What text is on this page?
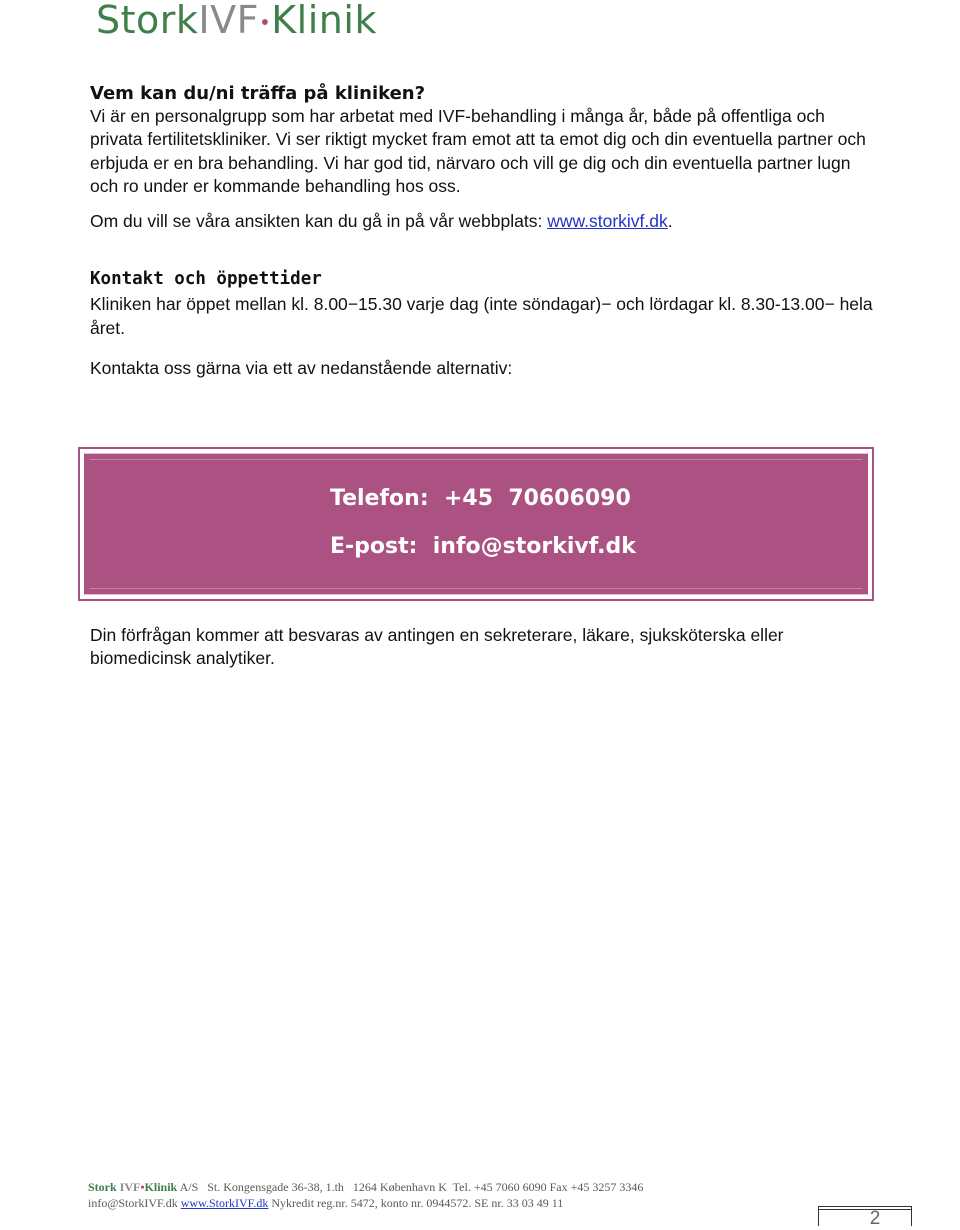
StorkIVF•Klinik
Vem kan du/ni träffa på kliniken?

Vi är en personalgrupp som har arbetat med IVF-behandling i många år, både på offentliga och privata fertilitetskliniker. Vi ser riktigt mycket fram emot att ta emot dig och din eventuella partner och erbjuda er en bra behandling. Vi har god tid, närvaro och vill ge dig och din eventuella partner lugn och ro under er kommande behandling hos oss.

Om du vill se våra ansikten kan du gå in på vår webbplats: www.storkivf.dk.

Kontakt och öppettider

Kliniken har öppet mellan kl. 8.00−15.30 varje dag (inte söndagar)− och lördagar kl. 8.30-13.00− hela året.

Kontakta oss gärna via ett av nedanstående alternativ:

Telefon: +45  70606090
E-post: info@storkivf.dk

Din förfrågan kommer att besvaras av antingen en sekreterare, läkare, sjuksköterska eller biomedicinsk analytiker.

Stork IVF•Klinik A/S   St. Kongensgade 36-38, 1.th   1264 København K  Tel. +45 7060 6090 Fax +45 3257 3346
info@StorkIVF.dk www.StorkIVF.dk Nykredit reg.nr. 5472, konto nr. 0944572. SE nr. 33 03 49 11
2
